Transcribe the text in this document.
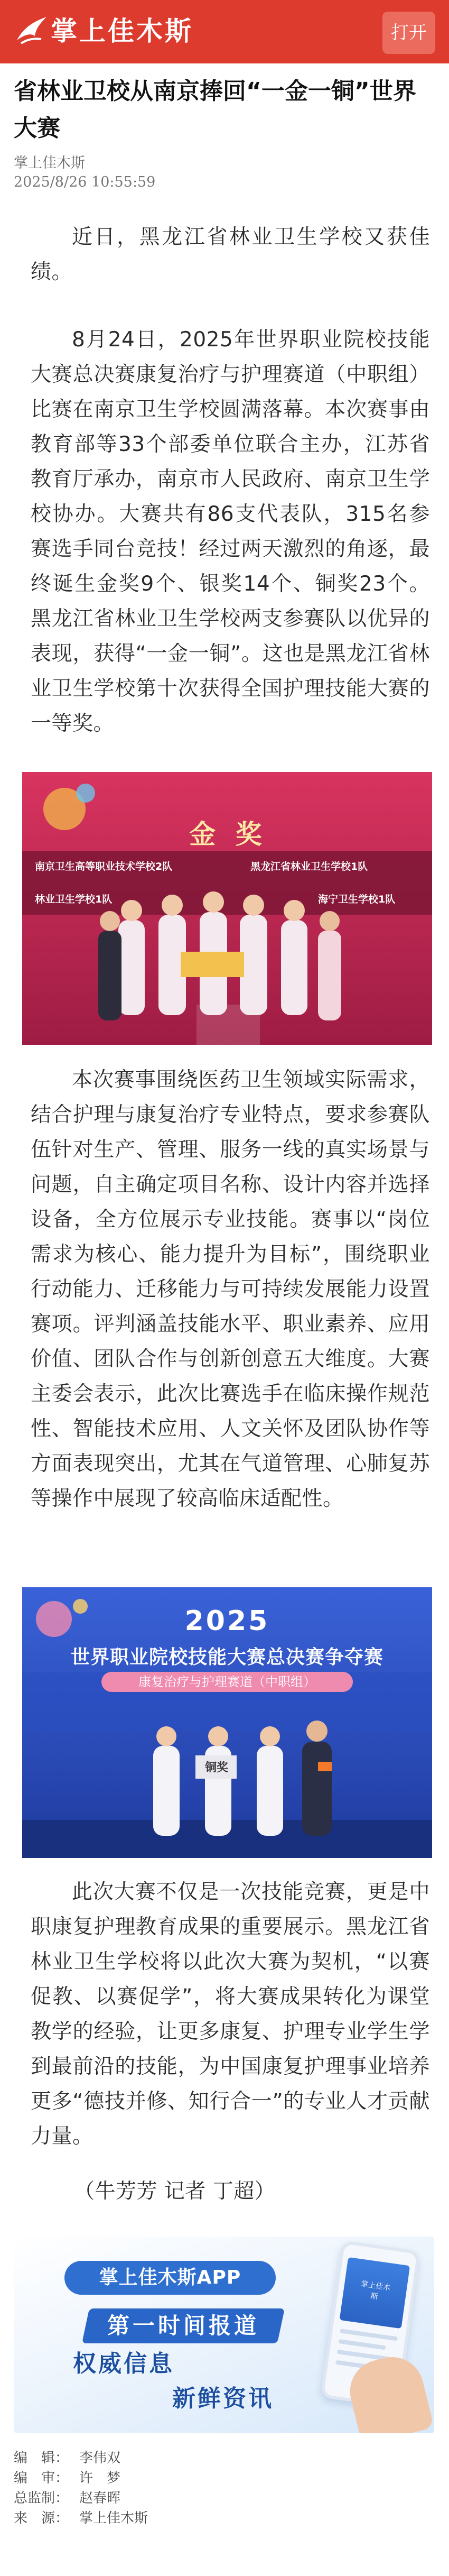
掌上佳木斯	打开
省林业卫校从南京捧回“一金一铜”世界大赛
掌上佳木斯
2025/8/26 10:55:59

近日，黑龙江省林业卫生学校又获佳绩。

8月24日，2025年世界职业院校技能大赛总决赛康复治疗与护理赛道（中职组）比赛在南京卫生学校圆满落幕。本次赛事由教育部等33个部委单位联合主办，江苏省教育厅承办，南京市人民政府、南京卫生学校协办。大赛共有86支代表队，315名参赛选手同台竞技！经过两天激烈的角逐，最终诞生金奖9个、银奖14个、铜奖23个。黑龙江省林业卫生学校两支参赛队以优异的表现，获得“一金一铜”。这也是黑龙江省林业卫生学校第十次获得全国护理技能大赛的一等奖。

金 奖
南京卫生高等职业技术学校2队	黑龙江省林业卫生学校1队
林业卫生学校1队	海宁卫生学校1队

本次赛事围绕医药卫生领域实际需求，结合护理与康复治疗专业特点，要求参赛队伍针对生产、管理、服务一线的真实场景与问题，自主确定项目名称、设计内容并选择设备，全方位展示专业技能。赛事以“岗位需求为核心、能力提升为目标”，围绕职业行动能力、迁移能力与可持续发展能力设置赛项。评判涵盖技能水平、职业素养、应用价值、团队合作与创新创意五大维度。大赛主委会表示，此次比赛选手在临床操作规范性、智能技术应用、人文关怀及团队协作等方面表现突出，尤其在气道管理、心肺复苏等操作中展现了较高临床适配性。

2025
世界职业院校技能大赛总决赛争夺赛
康复治疗与护理赛道（中职组）
铜奖

此次大赛不仅是一次技能竞赛，更是中职康复护理教育成果的重要展示。黑龙江省林业卫生学校将以此次大赛为契机，“以赛促教、以赛促学”，将大赛成果转化为课堂教学的经验，让更多康复、护理专业学生学到最前沿的技能，为中国康复护理事业培养更多“德技并修、知行合一”的专业人才贡献力量。

（牛芳芳 记者 丁超）

掌上佳木斯APP
第一时间报道
权威信息
新鲜资讯
掌上佳木斯
编　辑： 李伟双
编　审： 许　梦
总监制： 赵春晖
来　源： 掌上佳木斯
